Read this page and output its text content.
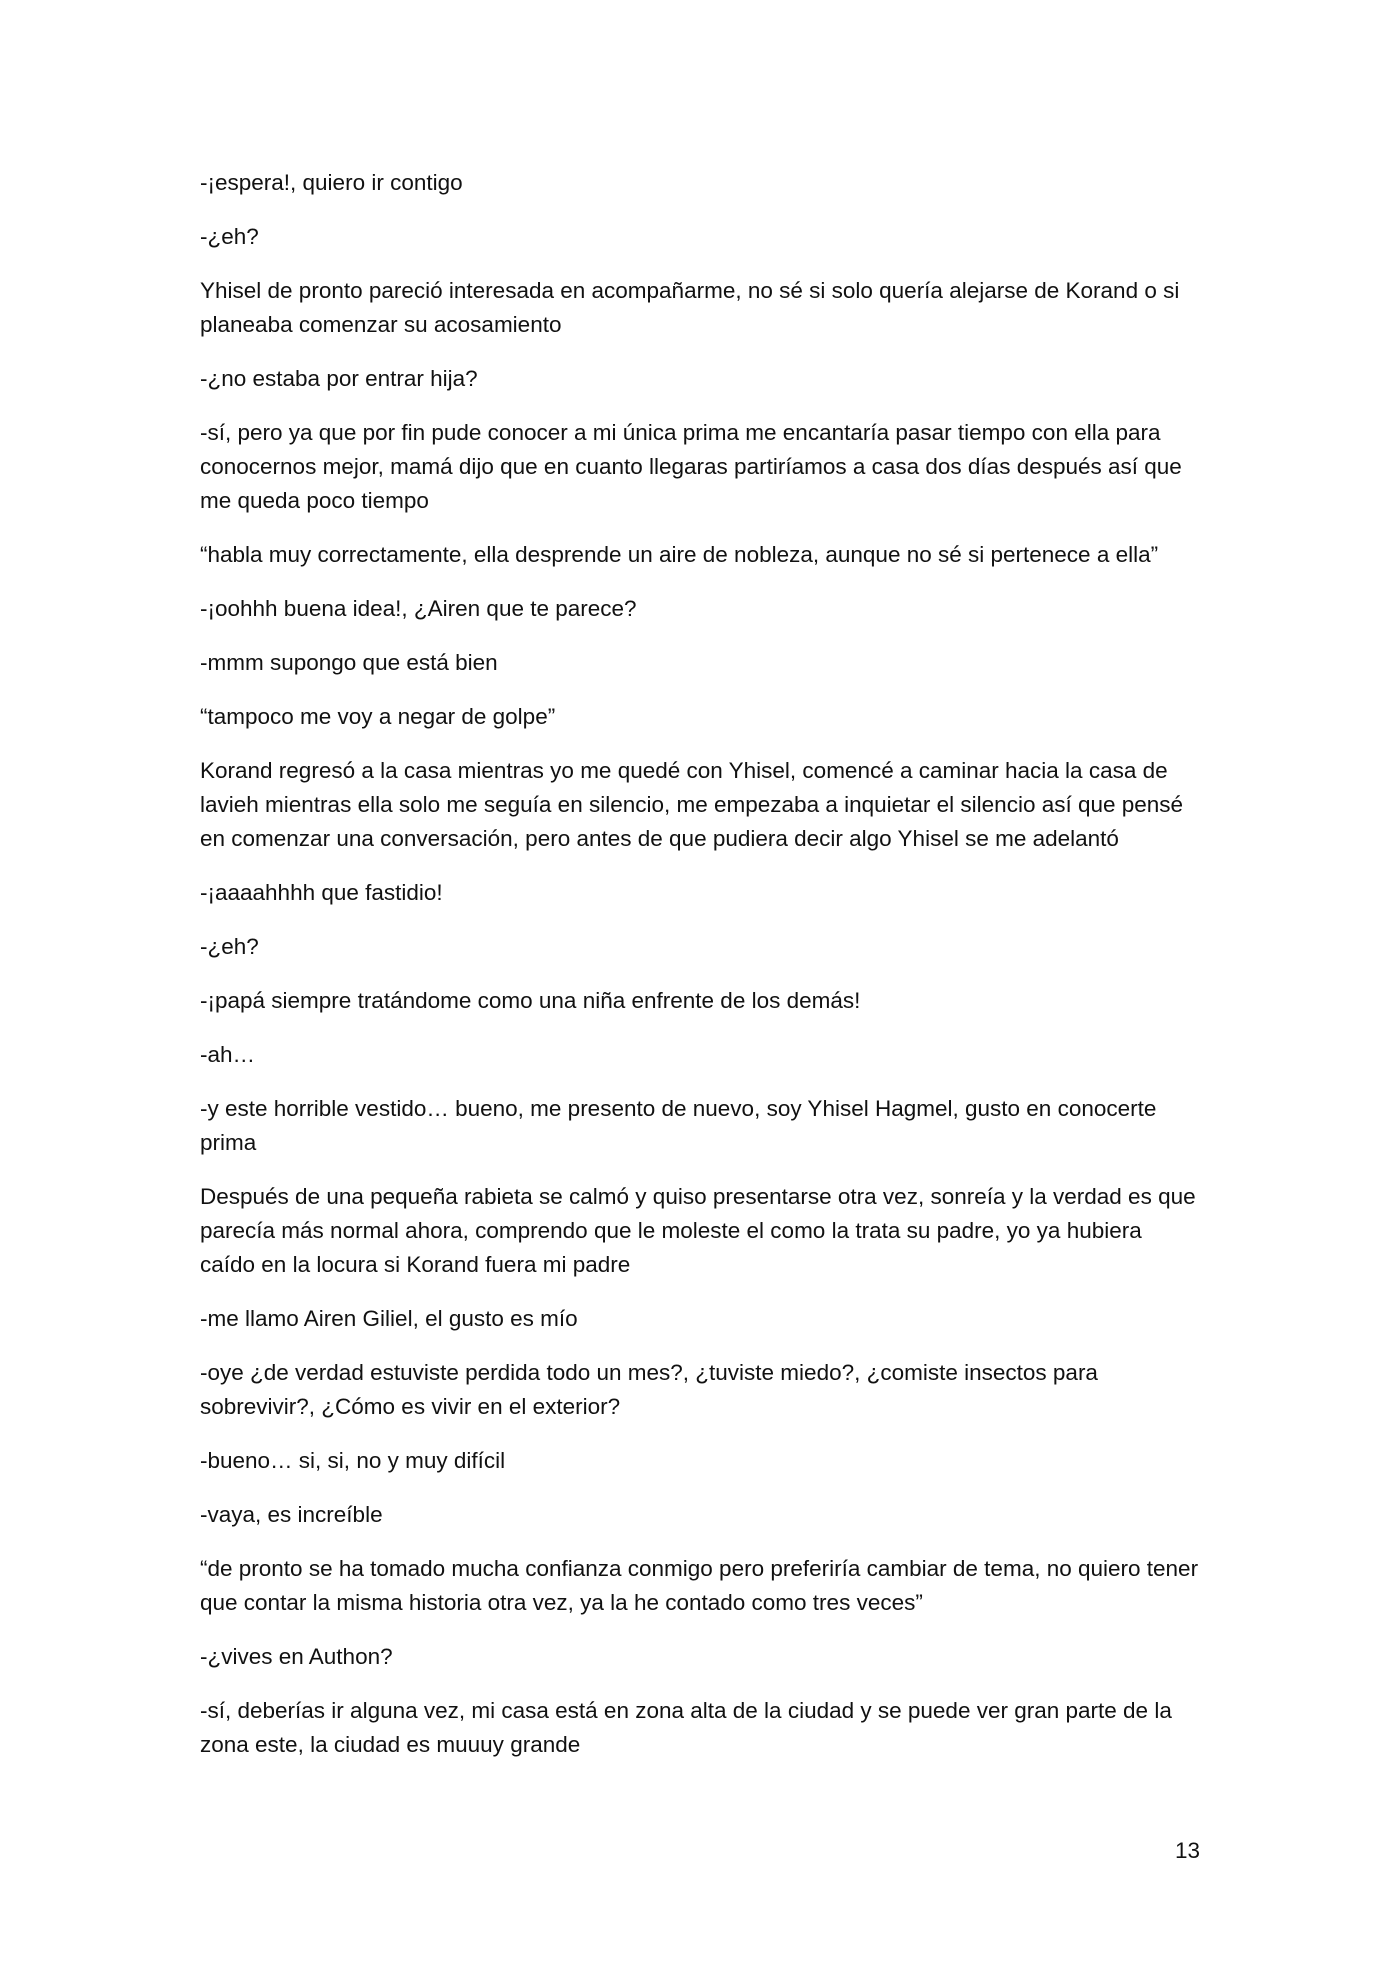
-¡espera!, quiero ir contigo

-¿eh?

Yhisel de pronto pareció interesada en acompañarme, no sé si solo quería alejarse de Korand o si planeaba comenzar su acosamiento

-¿no estaba por entrar hija?

-sí, pero ya que por fin pude conocer a mi única prima me encantaría pasar tiempo con ella para conocernos mejor, mamá dijo que en cuanto llegaras partiríamos a casa dos días después así que me queda poco tiempo

“habla muy correctamente, ella desprende un aire de nobleza, aunque no sé si pertenece a ella”

-¡oohhh buena idea!, ¿Airen que te parece?

-mmm supongo que está bien

“tampoco me voy a negar de golpe”

Korand regresó a la casa mientras yo me quedé con Yhisel, comencé a caminar hacia la casa de lavieh mientras ella solo me seguía en silencio, me empezaba a inquietar el silencio así que pensé en comenzar una conversación, pero antes de que pudiera decir algo Yhisel se me adelantó

-¡aaaahhhh que fastidio!

-¿eh?

-¡papá siempre tratándome como una niña enfrente de los demás!

-ah…

-y este horrible vestido… bueno, me presento de nuevo, soy Yhisel Hagmel, gusto en conocerte prima

Después de una pequeña rabieta se calmó y quiso presentarse otra vez, sonreía y la verdad es que parecía más normal ahora, comprendo que le moleste el como la trata su padre, yo ya hubiera caído en la locura si Korand fuera mi padre

-me llamo Airen Giliel, el gusto es mío

-oye ¿de verdad estuviste perdida todo un mes?, ¿tuviste miedo?, ¿comiste insectos para sobrevivir?, ¿Cómo es vivir en el exterior?

-bueno… si, si, no y muy difícil

-vaya, es increíble

“de pronto se ha tomado mucha confianza conmigo pero preferiría cambiar de tema, no quiero tener que contar la misma historia otra vez, ya la he contado como tres veces”

-¿vives en Authon?

-sí, deberías ir alguna vez, mi casa está en zona alta de la ciudad y se puede ver gran parte de la zona este, la ciudad es muuuy grande

13
